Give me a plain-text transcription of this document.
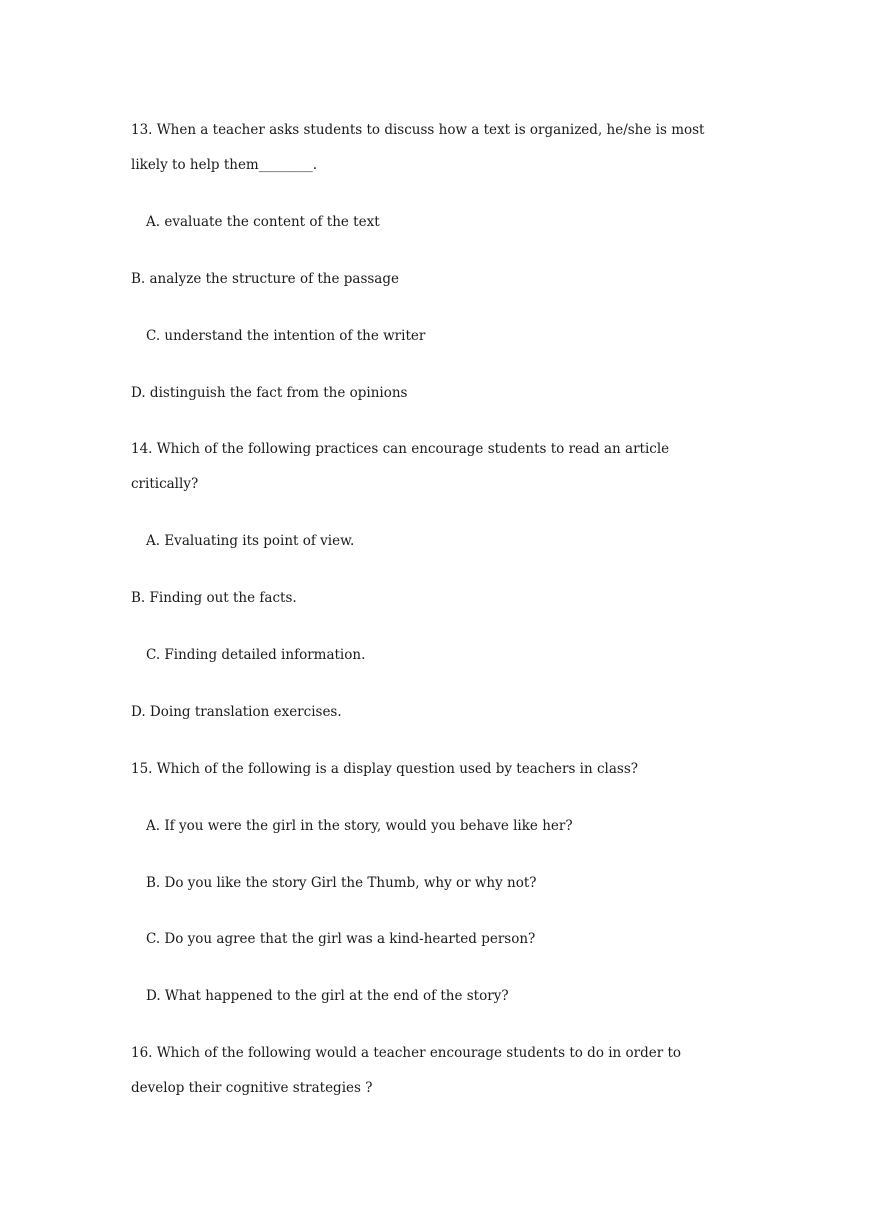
13. When a teacher asks students to discuss how a text is organized, he/she is most
likely to help them________.
A. evaluate the content of the text
B. analyze the structure of the passage
C. understand the intention of the writer
D. distinguish the fact from the opinions
14. Which of the following practices can encourage students to read an article
critically?
A. Evaluating its point of view.
B. Finding out the facts.
C. Finding detailed information.
D. Doing translation exercises.
15. Which of the following is a display question used by teachers in class?
A. If you were the girl in the story, would you behave like her?
B. Do you like the story Girl the Thumb, why or why not?
C. Do you agree that the girl was a kind-hearted person?
D. What happened to the girl at the end of the story?
16. Which of the following would a teacher encourage students to do in order to
develop their cognitive strategies ?
